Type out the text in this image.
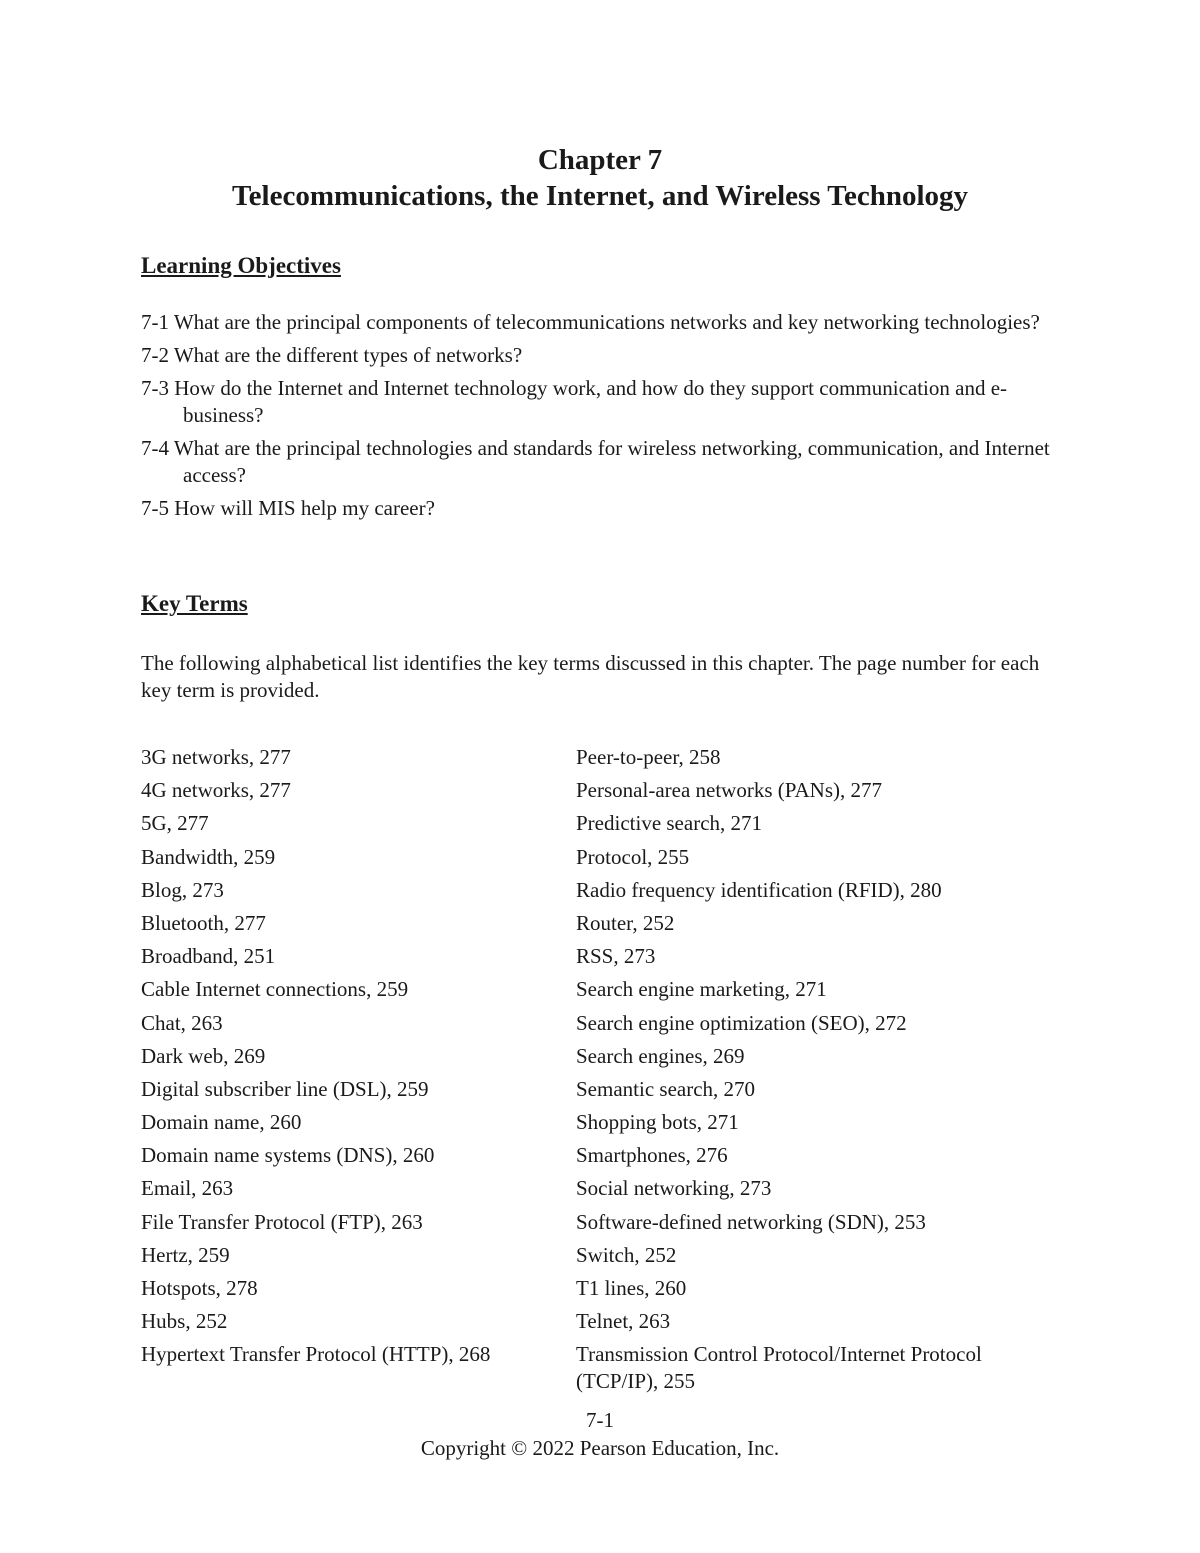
Chapter 7
Telecommunications, the Internet, and Wireless Technology
Learning Objectives
7-1 What are the principal components of telecommunications networks and key networking technologies?
7-2 What are the different types of networks?
7-3 How do the Internet and Internet technology work, and how do they support communication and e-business?
7-4 What are the principal technologies and standards for wireless networking, communication, and Internet access?
7-5 How will MIS help my career?
Key Terms

The following alphabetical list identifies the key terms discussed in this chapter. The page number for each key term is provided.

3G networks, 277
4G networks, 277
5G, 277
Bandwidth, 259
Blog, 273
Bluetooth, 277
Broadband, 251
Cable Internet connections, 259
Chat, 263
Dark web, 269
Digital subscriber line (DSL), 259
Domain name, 260
Domain name systems (DNS), 260
Email, 263
File Transfer Protocol (FTP), 263
Hertz, 259
Hotspots, 278
Hubs, 252
Hypertext Transfer Protocol (HTTP), 268
Peer-to-peer, 258
Personal-area networks (PANs), 277
Predictive search, 271
Protocol, 255
Radio frequency identification (RFID), 280
Router, 252
RSS, 273
Search engine marketing, 271
Search engine optimization (SEO), 272
Search engines, 269
Semantic search, 270
Shopping bots, 271
Smartphones, 276
Social networking, 273
Software-defined networking (SDN), 253
Switch, 252
T1 lines, 260
Telnet, 263
Transmission Control Protocol/Internet Protocol (TCP/IP), 255

7-1

Copyright © 2022 Pearson Education, Inc.
